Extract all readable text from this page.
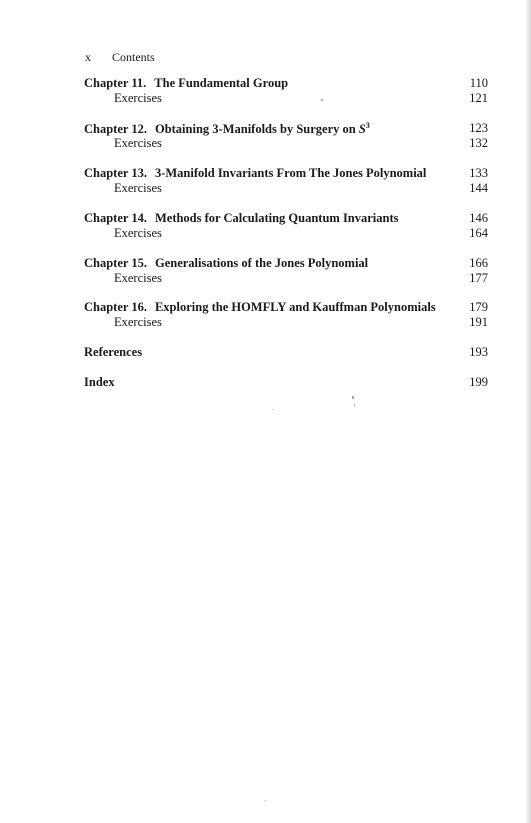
x Contents
Chapter 11. The Fundamental Group	110
Exercises	121
Chapter 12. Obtaining 3-Manifolds by Surgery on $S^3$	123
Exercises	132
Chapter 13. 3-Manifold Invariants From The Jones Polynomial	133
Exercises	144
Chapter 14. Methods for Calculating Quantum Invariants	146
Exercises	164
Chapter 15. Generalisations of the Jones Polynomial	166
Exercises	177
Chapter 16. Exploring the HOMFLY and Kauffman Polynomials	179
Exercises	191
References	193
Index	199
